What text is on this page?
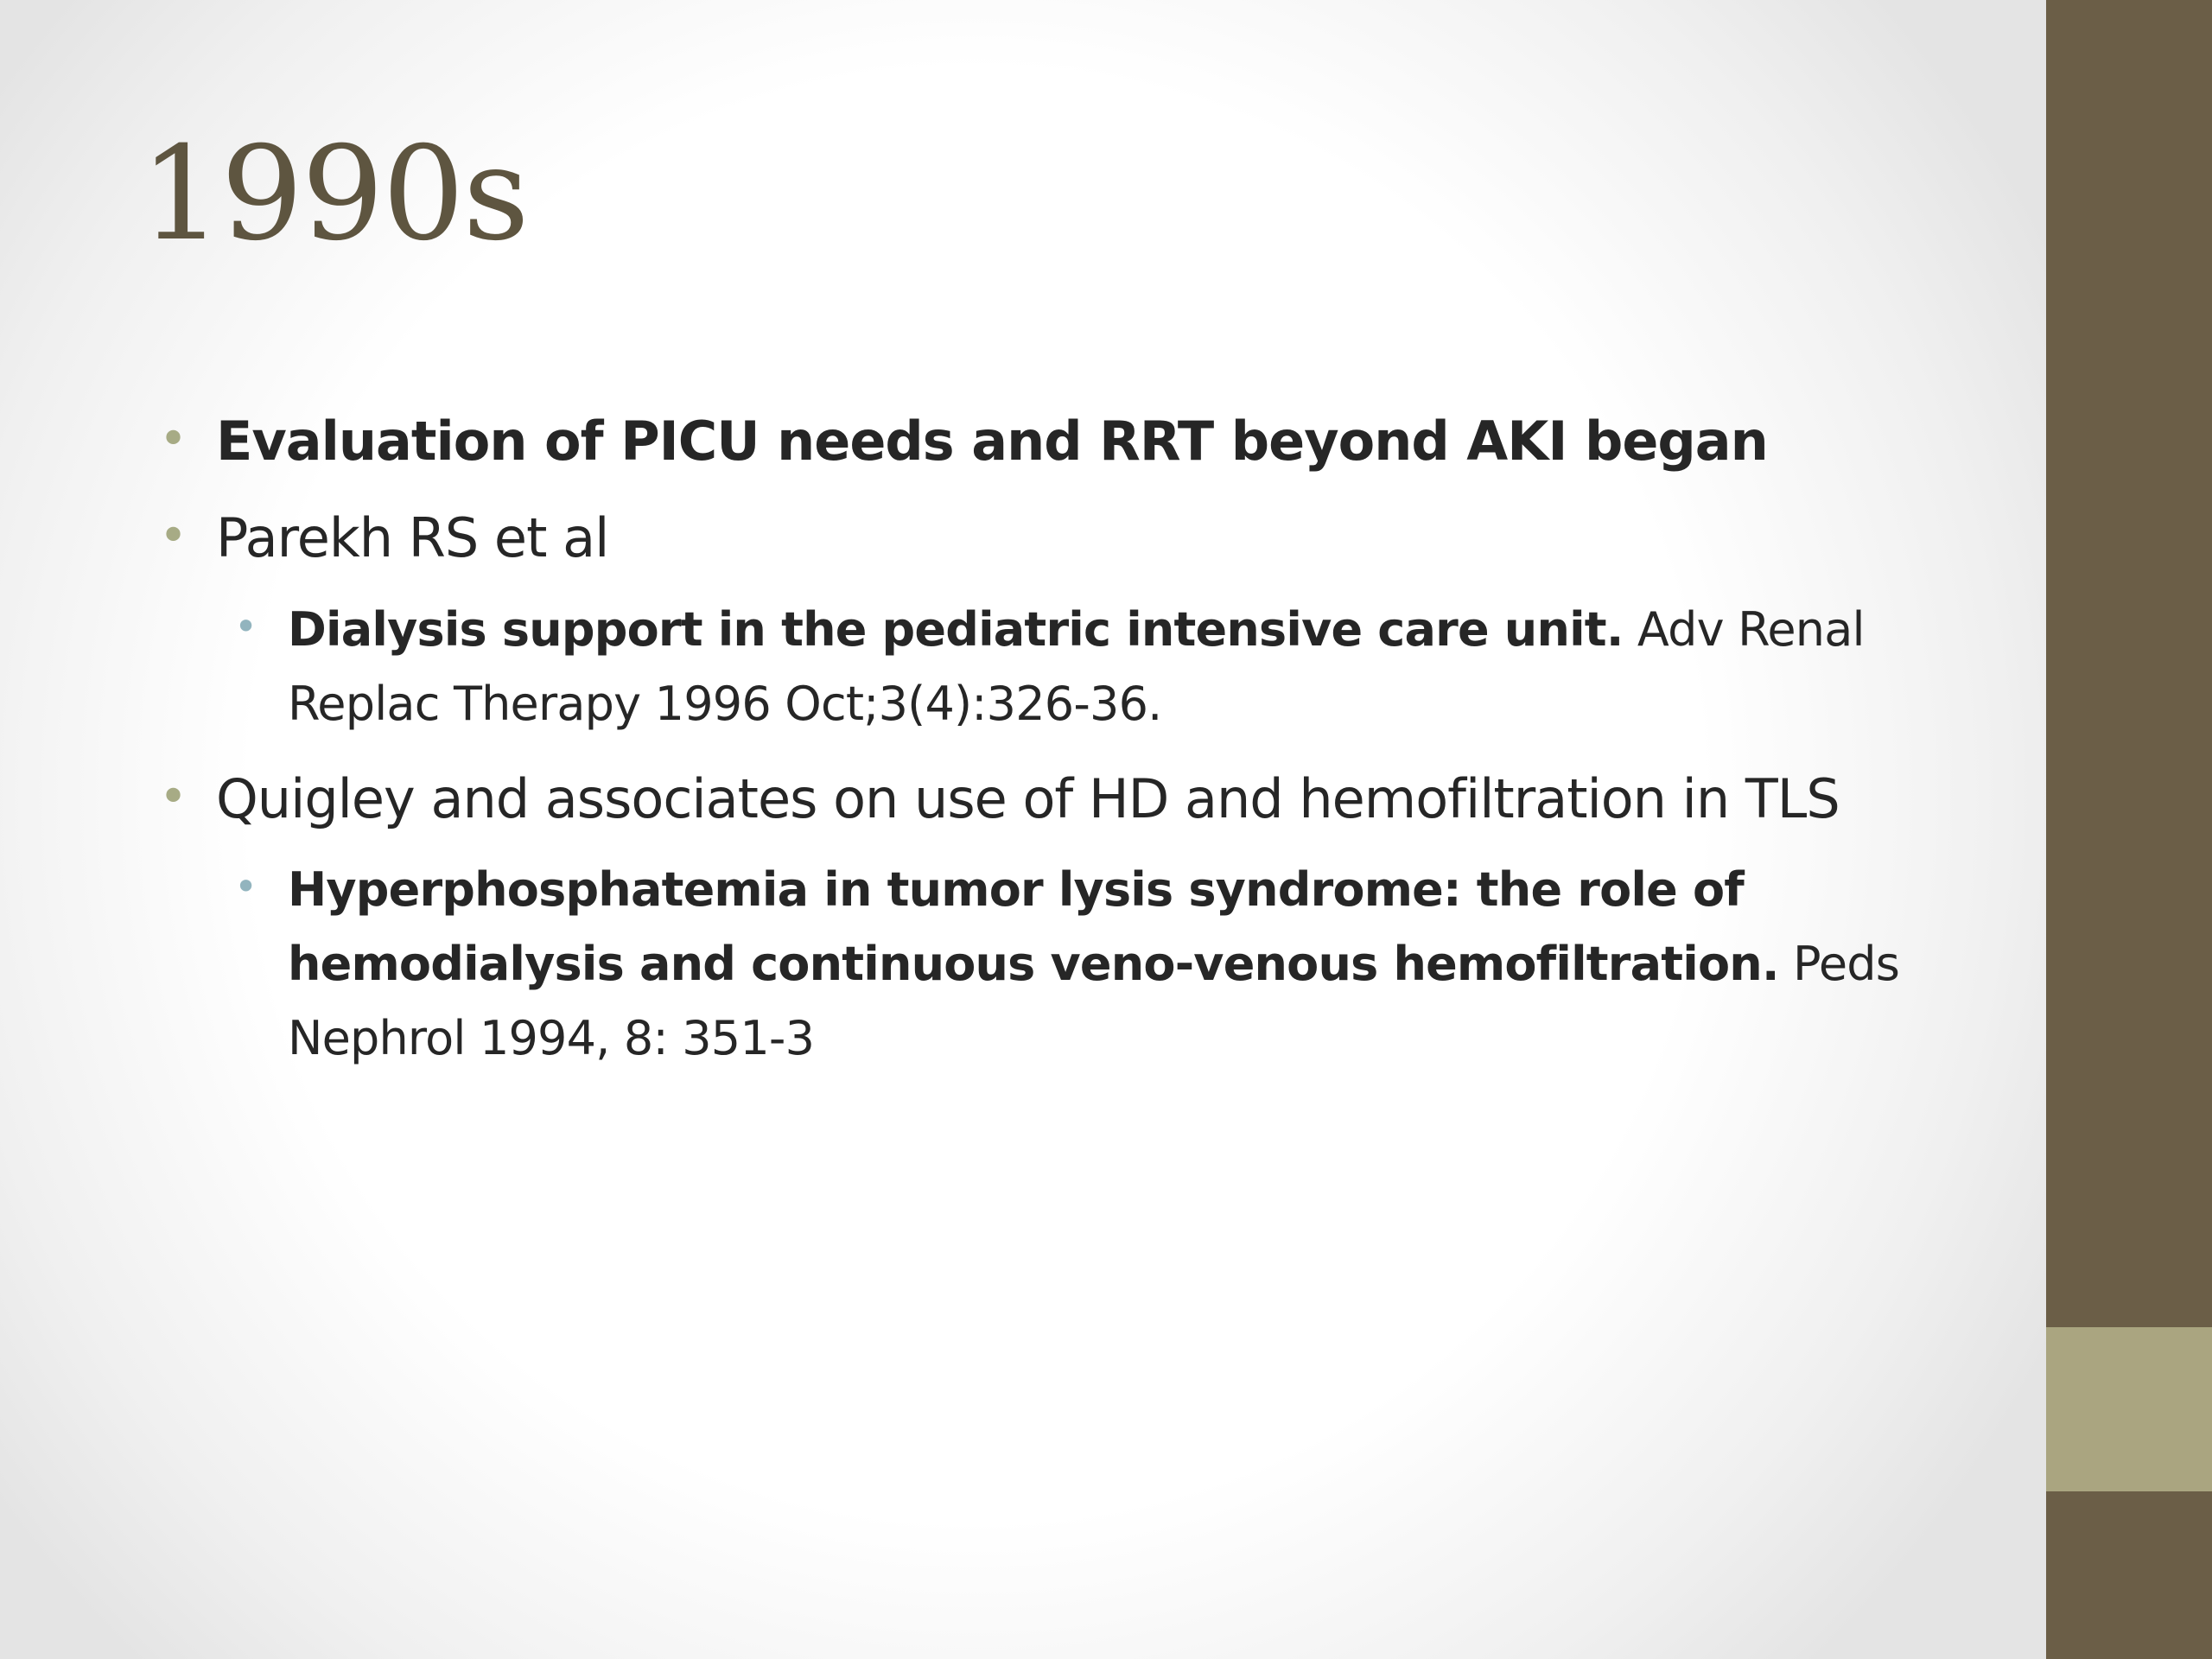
1990s
• Evaluation of PICU needs and RRT beyond AKI began
• Parekh RS et al
• Dialysis support in the pediatric intensive care unit. Adv Renal Replac Therapy 1996 Oct;3(4):326-36.
• Quigley and associates on use of HD and hemofiltration in TLS
• Hyperphosphatemia in tumor lysis syndrome: the role of hemodialysis and continuous veno-venous hemofiltration. Peds Nephrol 1994, 8: 351-3
